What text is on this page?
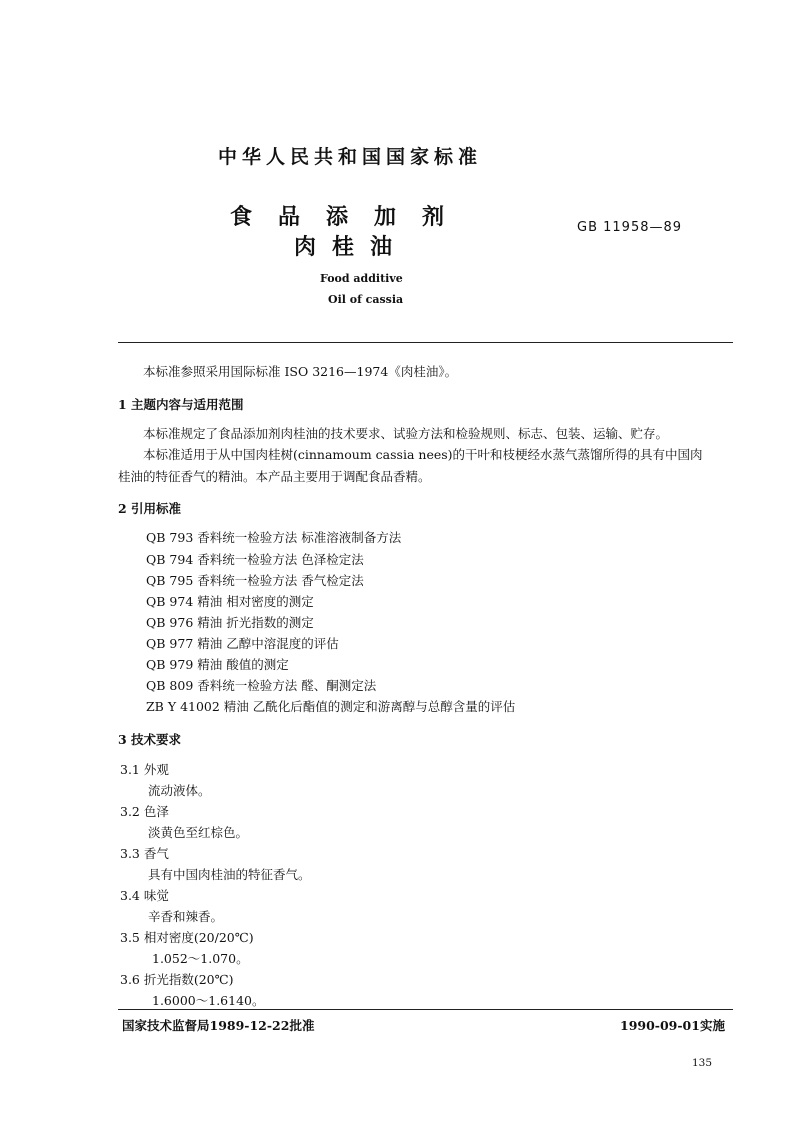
中华人民共和国国家标准
食品添加剂
肉桂油
GB 11958—89
Food additive
Oil of cassia
本标准参照采用国际标准 ISO 3216—1974《肉桂油》。
1 主题内容与适用范围
本标准规定了食品添加剂肉桂油的技术要求、试验方法和检验规则、标志、包装、运输、贮存。
本标准适用于从中国肉桂树(cinnamoum cassia nees)的干叶和枝梗经水蒸气蒸馏所得的具有中国肉
桂油的特征香气的精油。本产品主要用于调配食品香精。
2 引用标准
QB 793 香料统一检验方法 标准溶液制备方法
QB 794 香料统一检验方法 色泽检定法
QB 795 香料统一检验方法 香气检定法
QB 974 精油 相对密度的测定
QB 976 精油 折光指数的测定
QB 977 精油 乙醇中溶混度的评估
QB 979 精油 酸值的测定
QB 809 香料统一检验方法 醛、酮测定法
ZB Y 41002 精油 乙酰化后酯值的测定和游离醇与总醇含量的评估
3 技术要求
3.1 外观
流动液体。
3.2 色泽
淡黄色至红棕色。
3.3 香气
具有中国肉桂油的特征香气。
3.4 味觉
辛香和辣香。
3.5 相对密度(20/20℃)
1.052～1.070。
3.6 折光指数(20℃)
1.6000～1.6140。
国家技术监督局1989-12-22批准	1990-09-01实施
135
